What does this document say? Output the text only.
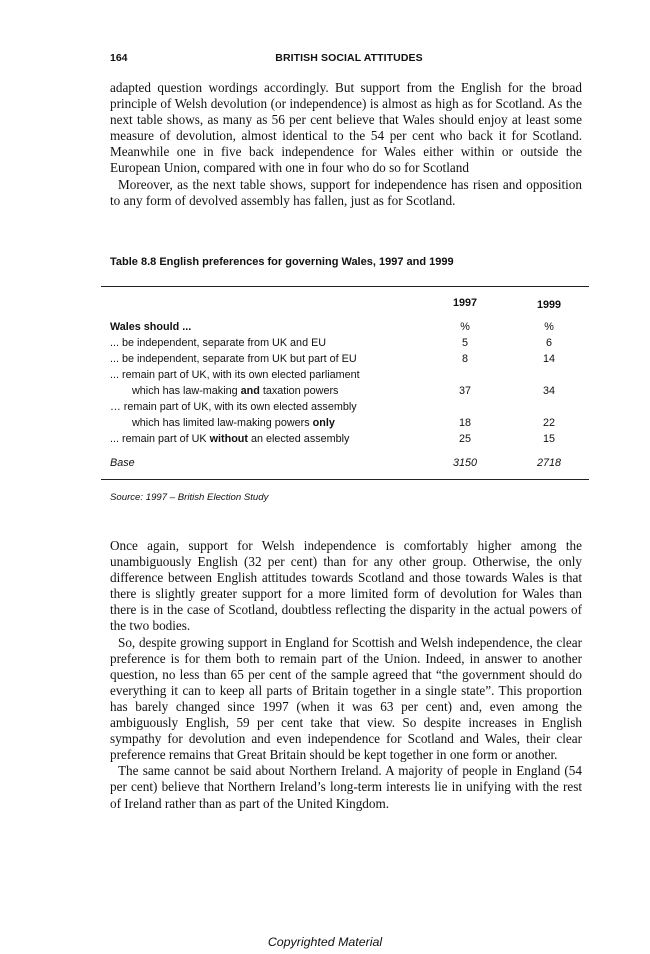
164	BRITISH SOCIAL ATTITUDES

adapted question wordings accordingly. But support from the English for the broad principle of Welsh devolution (or independence) is almost as high as for Scotland. As the next table shows, as many as 56 per cent believe that Wales should enjoy at least some measure of devolution, almost identical to the 54 per cent who back it for Scotland. Meanwhile one in five back independence for Wales either within or outside the European Union, compared with one in four who do so for Scotland

Moreover, as the next table shows, support for independence has risen and opposition to any form of devolved assembly has fallen, just as for Scotland.

Table 8.8 English preferences for governing Wales, 1997 and 1999
1997	1999
Wales should ...	%	%
... be independent, separate from UK and EU	5	6
... be independent, separate from UK but part of EU	8	14
... remain part of UK, with its own elected parliament
which has law-making and taxation powers	37	34
… remain part of UK, with its own elected assembly
which has limited law-making powers only	18	22
... remain part of UK without an elected assembly	25	15
Base	3150	2718
Source: 1997 – British Election Study

Once again, support for Welsh independence is comfortably higher among the unambiguously English (32 per cent) than for any other group. Otherwise, the only difference between English attitudes towards Scotland and those towards Wales is that there is slightly greater support for a more limited form of devolution for Wales than there is in the case of Scotland, doubtless reflecting the disparity in the actual powers of the two bodies.

So, despite growing support in England for Scottish and Welsh independence, the clear preference is for them both to remain part of the Union. Indeed, in answer to another question, no less than 65 per cent of the sample agreed that “the government should do everything it can to keep all parts of Britain together in a single state”. This proportion has barely changed since 1997 (when it was 63 per cent) and, even among the ambiguously English, 59 per cent take that view. So despite increases in English sympathy for devolution and even independence for Scotland and Wales, their clear preference remains that Great Britain should be kept together in one form or another.

The same cannot be said about Northern Ireland. A majority of people in England (54 per cent) believe that Northern Ireland’s long-term interests lie in unifying with the rest of Ireland rather than as part of the United Kingdom.

Copyrighted Material
